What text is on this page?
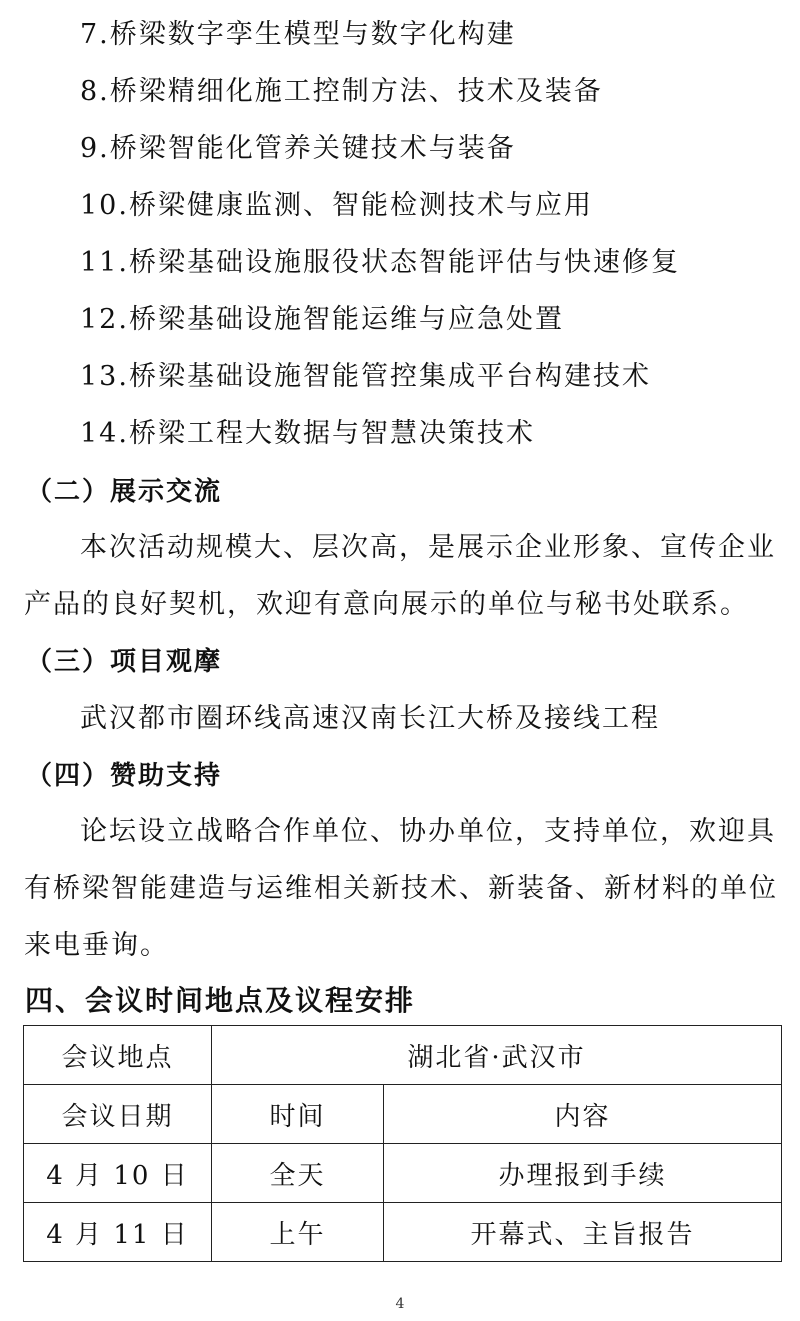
7.桥梁数字孪生模型与数字化构建
8.桥梁精细化施工控制方法、技术及装备
9.桥梁智能化管养关键技术与装备
10.桥梁健康监测、智能检测技术与应用
11.桥梁基础设施服役状态智能评估与快速修复
12.桥梁基础设施智能运维与应急处置
13.桥梁基础设施智能管控集成平台构建技术
14.桥梁工程大数据与智慧决策技术
（二）展示交流
本次活动规模大、层次高，是展示企业形象、宣传企业
产品的良好契机，欢迎有意向展示的单位与秘书处联系。
（三）项目观摩
武汉都市圈环线高速汉南长江大桥及接线工程
（四）赞助支持
论坛设立战略合作单位、协办单位，支持单位，欢迎具
有桥梁智能建造与运维相关新技术、新装备、新材料的单位
来电垂询。
四、会议时间地点及议程安排
会议地点	湖北省·武汉市	
会议日期	时间	内容
4 月 10 日	全天	办理报到手续
4 月 11 日	上午	开幕式、主旨报告
4
